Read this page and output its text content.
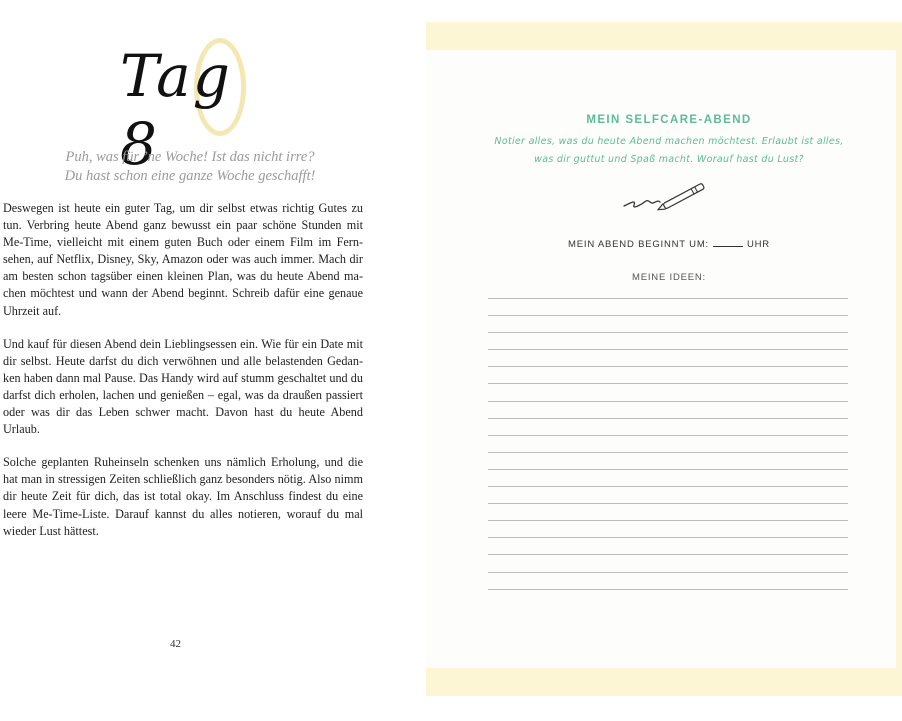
Tag 8
Puh, was für ’ne Woche! Ist das nicht irre?
Du hast schon eine ganze Woche geschafft!

Deswegen ist heute ein guter Tag, um dir selbst etwas richtig Gutes zu tun. Verbring heute Abend ganz bewusst ein paar schöne Stunden mit Me-Time, vielleicht mit einem guten Buch oder einem Film im Fernsehen, auf Netflix, Disney, Sky, Amazon oder was auch immer. Mach dir am besten schon tagsüber einen kleinen Plan, was du heute Abend machen möchtest und wann der Abend beginnt. Schreib dafür eine genaue Uhrzeit auf.

Und kauf für diesen Abend dein Lieblingsessen ein. Wie für ein Date mit dir selbst. Heute darfst du dich verwöhnen und alle belastenden Gedanken haben dann mal Pause. Das Handy wird auf stumm geschaltet und du darfst dich erholen, lachen und genießen – egal, was da draußen passiert oder was dir das Leben schwer macht. Davon hast du heute Abend Urlaub.

Solche geplanten Ruheinseln schenken uns nämlich Erholung, und die hat man in stressigen Zeiten schließlich ganz besonders nötig. Also nimm dir heute Zeit für dich, das ist total okay. Im Anschluss findest du eine leere Me-Time-Liste. Darauf kannst du alles notieren, worauf du mal wieder Lust hättest.

42
MEIN SELFCARE-ABEND
Notier alles, was du heute Abend machen möchtest. Erlaubt ist alles,
was dir guttut und Spaß macht. Worauf hast du Lust?
MEIN ABEND BEGINNT UM:	UHR
MEINE IDEEN:
